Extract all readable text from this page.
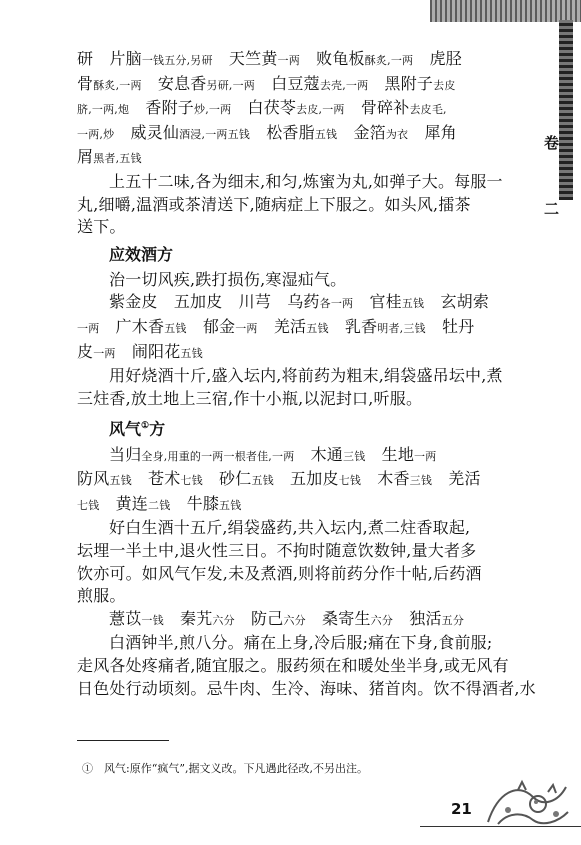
卷
二
研　 片脑一钱五分,另研　 天竺黄一两　 败龟板酥炙,一两　 虎胫
骨酥炙,一两　 安息香另研,一两　 白豆蔻去壳,一两　 黑附子去皮
脐,一两,炮　 香附子炒,一两　 白茯苓去皮,一两　 骨碎补去皮毛,
一两,炒　 威灵仙酒浸,一两五钱　 松香脂五钱　 金箔为衣　 犀角
屑黑者,五钱
上五十二味,各为细末,和匀,炼蜜为丸,如弹子大。每服一
丸,细嚼,温酒或茶清送下,随病症上下服之。如头风,擂茶
送下。
应效酒方
治一切风疾,跌打损伤,寒湿疝气。
紫金皮　 五加皮　 川芎　 乌药各一两　 官桂五钱　 玄胡索
一两　 广木香五钱　 郁金一两　 羌活五钱　 乳香明者,三钱　 牡丹
皮一两　 闹阳花五钱
用好烧酒十斤,盛入坛内,将前药为粗末,绢袋盛吊坛中,煮
三炷香,放土地上三宿,作十小瓶,以泥封口,听服。
风气①方
当归全身,用重的一两一根者佳,一两　 木通三钱　 生地一两
防风五钱　 苍术七钱　 砂仁五钱　 五加皮七钱　 木香三钱　 羌活
七钱　 黄连二钱　 牛膝五钱
好白生酒十五斤,绢袋盛药,共入坛内,煮二炷香取起,
坛埋一半土中,退火性三日。不拘时随意饮数钟,量大者多
饮亦可。如风气乍发,未及煮酒,则将前药分作十帖,后药酒
煎服。
薏苡一钱　 秦艽六分　 防己六分　 桑寄生六分　 独活五分
白酒钟半,煎八分。痛在上身,冷后服;痛在下身,食前服;
走风各处疼痛者,随宜服之。服药须在和暖处坐半身,或无风有
日色处行动顷刻。忌牛肉、生冷、海味、猪首肉。饮不得酒者,水
①　风气:原作“疯气”,据文义改。下凡遇此径改,不另出注。
21
